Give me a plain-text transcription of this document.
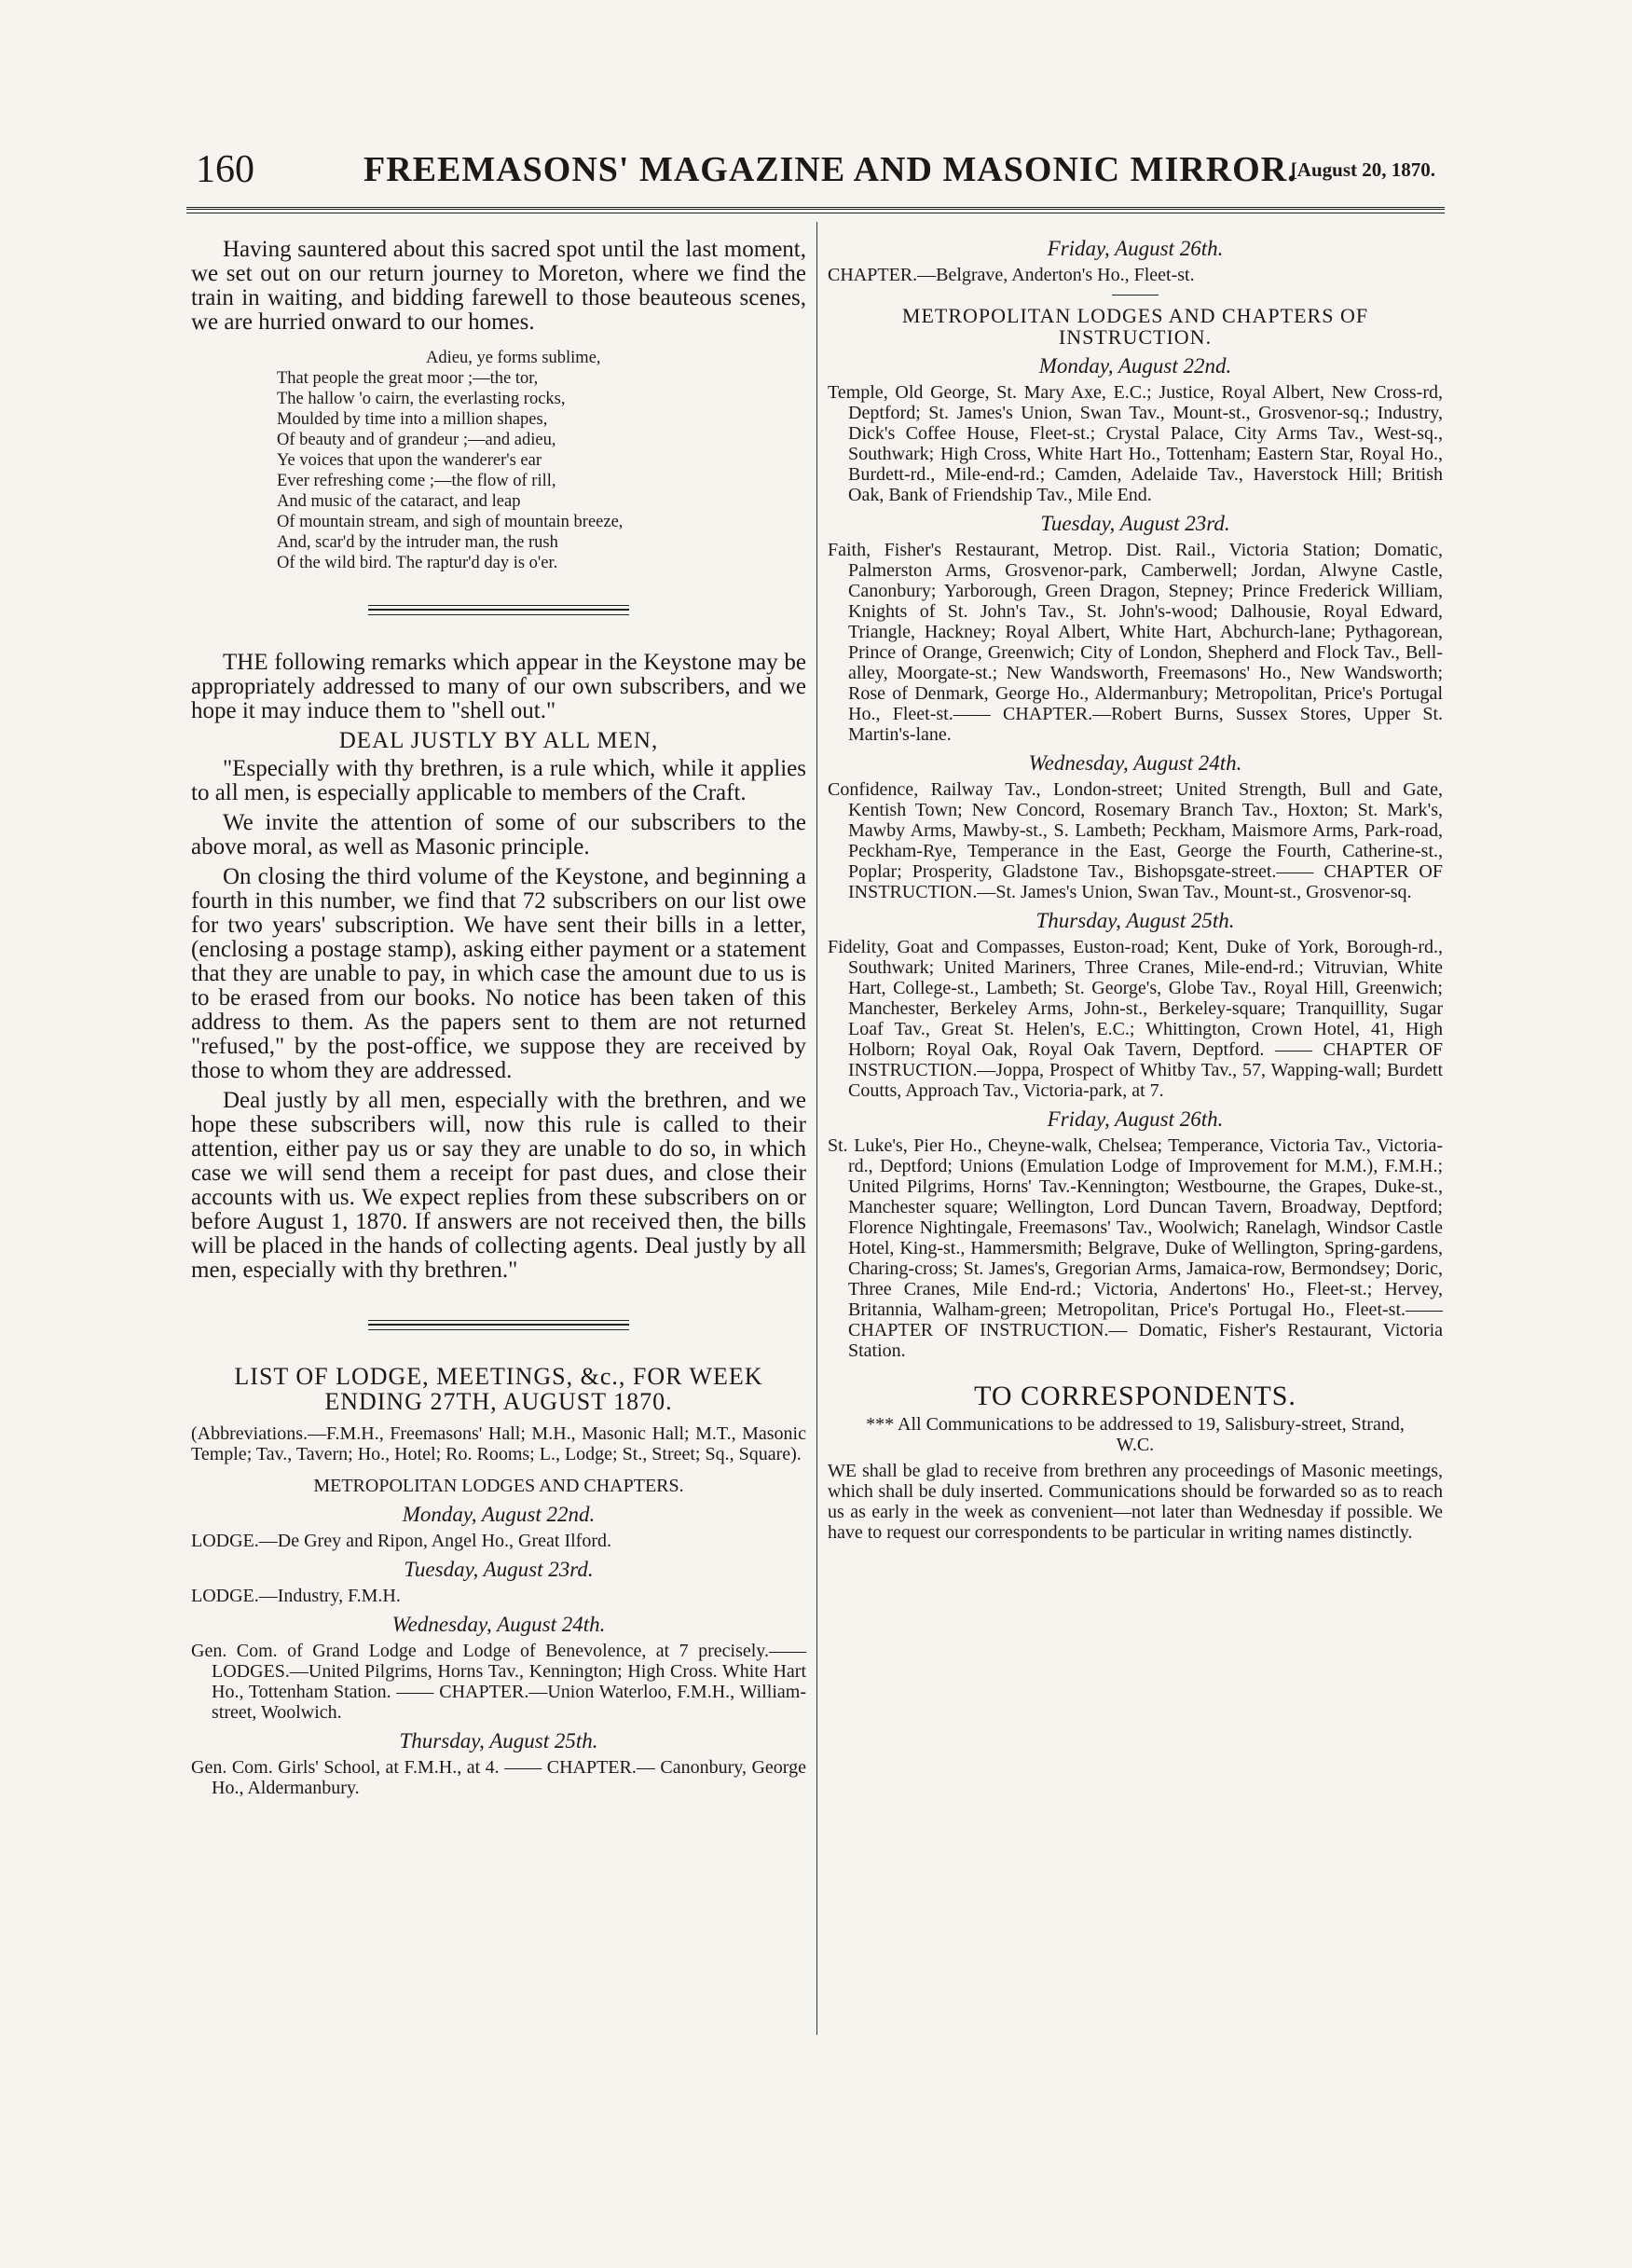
160	FREEMASONS' MAGAZINE AND MASONIC MIRROR.
[August 20, 1870.

Having sauntered about this sacred spot until the last moment, we set out on our return journey to Moreton, where we find the train in waiting, and bidding farewell to those beauteous scenes, we are hurried onward to our homes.

Adieu, ye forms sublime,
That people the great moor ;—the tor,
The hallow 'o cairn, the everlasting rocks,
Moulded by time into a million shapes,
Of beauty and of grandeur ;—and adieu,
Ye voices that upon the wanderer's ear
Ever refreshing come ;—the flow of rill,
And music of the cataract, and leap
Of mountain stream, and sigh of mountain breeze,
And, scar'd by the intruder man, the rush
Of the wild bird. The raptur'd day is o'er.

THE following remarks which appear in the Keystone may be appropriately addressed to many of our own subscribers, and we hope it may induce them to "shell out."

DEAL JUSTLY BY ALL MEN,

"Especially with thy brethren, is a rule which, while it applies to all men, is especially applicable to members of the Craft.

We invite the attention of some of our subscribers to the above moral, as well as Masonic principle.

On closing the third volume of the Keystone, and beginning a fourth in this number, we find that 72 subscribers on our list owe for two years' subscription. We have sent their bills in a letter, (enclosing a postage stamp), asking either payment or a statement that they are unable to pay, in which case the amount due to us is to be erased from our books. No notice has been taken of this address to them. As the papers sent to them are not returned "refused," by the post-office, we suppose they are received by those to whom they are addressed.

Deal justly by all men, especially with the brethren, and we hope these subscribers will, now this rule is called to their attention, either pay us or say they are unable to do so, in which case we will send them a receipt for past dues, and close their accounts with us. We expect replies from these subscribers on or before August 1, 1870. If answers are not received then, the bills will be placed in the hands of collecting agents. Deal justly by all men, especially with thy brethren."

LIST OF LODGE, MEETINGS, &c., FOR WEEK ENDING 27TH, AUGUST 1870.

(Abbreviations.—F.M.H., Freemasons' Hall; M.H., Masonic Hall; M.T., Masonic Temple; Tav., Tavern; Ho., Hotel; Ro. Rooms; L., Lodge; St., Street; Sq., Square).

METROPOLITAN LODGES AND CHAPTERS.
Monday, August 22nd.

LODGE.—De Grey and Ripon, Angel Ho., Great Ilford.

Tuesday, August 23rd.

LODGE.—Industry, F.M.H.

Wednesday, August 24th.

Gen. Com. of Grand Lodge and Lodge of Benevolence, at 7 precisely.—— LODGES.—United Pilgrims, Horns Tav., Kennington; High Cross. White Hart Ho., Tottenham Station. —— CHAPTER.—Union Waterloo, F.M.H., William-street, Woolwich.

Thursday, August 25th.

Gen. Com. Girls' School, at F.M.H., at 4. —— CHAPTER.— Canonbury, George Ho., Aldermanbury.

Friday, August 26th.

CHAPTER.—Belgrave, Anderton's Ho., Fleet-st.

METROPOLITAN LODGES AND CHAPTERS OF INSTRUCTION.
Monday, August 22nd.

Temple, Old George, St. Mary Axe, E.C.; Justice, Royal Albert, New Cross-rd, Deptford; St. James's Union, Swan Tav., Mount-st., Grosvenor-sq.; Industry, Dick's Coffee House, Fleet-st.; Crystal Palace, City Arms Tav., West-sq., Southwark; High Cross, White Hart Ho., Tottenham; Eastern Star, Royal Ho., Burdett-rd., Mile-end-rd.; Camden, Adelaide Tav., Haverstock Hill; British Oak, Bank of Friendship Tav., Mile End.

Tuesday, August 23rd.

Faith, Fisher's Restaurant, Metrop. Dist. Rail., Victoria Station; Domatic, Palmerston Arms, Grosvenor-park, Camberwell; Jordan, Alwyne Castle, Canonbury; Yarborough, Green Dragon, Stepney; Prince Frederick William, Knights of St. John's Tav., St. John's-wood; Dalhousie, Royal Edward, Triangle, Hackney; Royal Albert, White Hart, Abchurch-lane; Pythagorean, Prince of Orange, Greenwich; City of London, Shepherd and Flock Tav., Bell-alley, Moorgate-st.; New Wandsworth, Freemasons' Ho., New Wandsworth; Rose of Denmark, George Ho., Aldermanbury; Metropolitan, Price's Portugal Ho., Fleet-st.—— CHAPTER.—Robert Burns, Sussex Stores, Upper St. Martin's-lane.

Wednesday, August 24th.

Confidence, Railway Tav., London-street; United Strength, Bull and Gate, Kentish Town; New Concord, Rosemary Branch Tav., Hoxton; St. Mark's, Mawby Arms, Mawby-st., S. Lambeth; Peckham, Maismore Arms, Park-road, Peckham-Rye, Temperance in the East, George the Fourth, Catherine-st., Poplar; Prosperity, Gladstone Tav., Bishopsgate-street.—— CHAPTER OF INSTRUCTION.—St. James's Union, Swan Tav., Mount-st., Grosvenor-sq.

Thursday, August 25th.

Fidelity, Goat and Compasses, Euston-road; Kent, Duke of York, Borough-rd., Southwark; United Mariners, Three Cranes, Mile-end-rd.; Vitruvian, White Hart, College-st., Lambeth; St. George's, Globe Tav., Royal Hill, Greenwich; Manchester, Berkeley Arms, John-st., Berkeley-square; Tranquillity, Sugar Loaf Tav., Great St. Helen's, E.C.; Whittington, Crown Hotel, 41, High Holborn; Royal Oak, Royal Oak Tavern, Deptford. —— CHAPTER OF INSTRUCTION.—Joppa, Prospect of Whitby Tav., 57, Wapping-wall; Burdett Coutts, Approach Tav., Victoria-park, at 7.

Friday, August 26th.

St. Luke's, Pier Ho., Cheyne-walk, Chelsea; Temperance, Victoria Tav., Victoria-rd., Deptford; Unions (Emulation Lodge of Improvement for M.M.), F.M.H.; United Pilgrims, Horns' Tav.-Kennington; Westbourne, the Grapes, Duke-st., Manchester square; Wellington, Lord Duncan Tavern, Broadway, Deptford; Florence Nightingale, Freemasons' Tav., Woolwich; Ranelagh, Windsor Castle Hotel, King-st., Hammersmith; Belgrave, Duke of Wellington, Spring-gardens, Charing-cross; St. James's, Gregorian Arms, Jamaica-row, Bermondsey; Doric, Three Cranes, Mile End-rd.; Victoria, Andertons' Ho., Fleet-st.; Hervey, Britannia, Walham-green; Metropolitan, Price's Portugal Ho., Fleet-st.—— CHAPTER OF INSTRUCTION.— Domatic, Fisher's Restaurant, Victoria Station.

TO CORRESPONDENTS.

*** All Communications to be addressed to 19, Salisbury-street, Strand, W.C.

WE shall be glad to receive from brethren any proceedings of Masonic meetings, which shall be duly inserted. Communications should be forwarded so as to reach us as early in the week as convenient—not later than Wednesday if possible. We have to request our correspondents to be particular in writing names distinctly.
